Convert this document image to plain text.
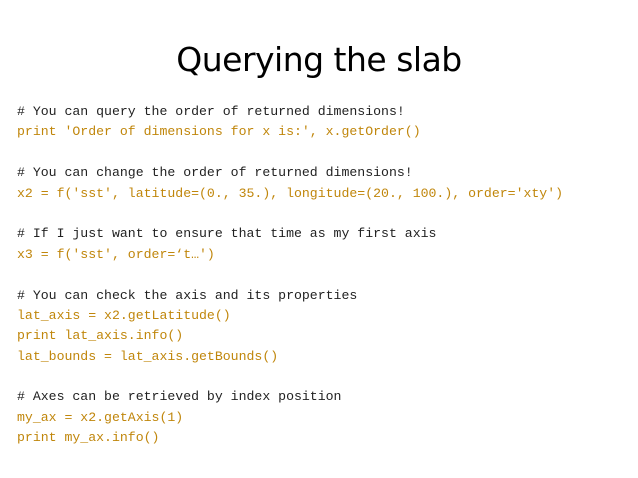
Querying the slab
# You can query the order of returned dimensions!
print 'Order of dimensions for x is:', x.getOrder()
# You can change the order of returned dimensions!
x2 = f('sst', latitude=(0., 35.), longitude=(20., 100.), order='xty')
# If I just want to ensure that time as my first axis
x3 = f('sst', order=‘t…')
# You can check the axis and its properties
lat_axis = x2.getLatitude()
print lat_axis.info()
lat_bounds = lat_axis.getBounds()
# Axes can be retrieved by index position
my_ax = x2.getAxis(1)
print my_ax.info()
